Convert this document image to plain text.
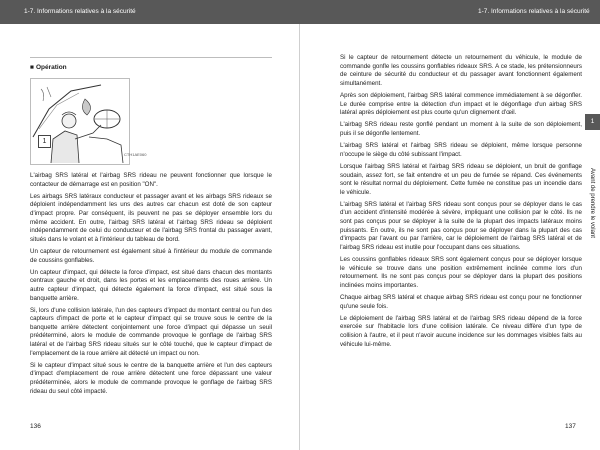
1-7. Informations relatives à la sécurité	1-7. Informations relatives à la sécurité
■ Opération
1
CTH1AE060

L'airbag SRS latéral et l'airbag SRS rideau ne peuvent fonctionner que lorsque le contacteur de démarrage est en position "ON".

Les airbags SRS latéraux conducteur et passager avant et les airbags SRS rideaux se déploient indépendamment les uns des autres car chacun est doté de son capteur d'impact propre. Par conséquent, ils peuvent ne pas se déployer ensemble lors du même accident. En outre, l'airbag SRS latéral et l'airbag SRS rideau se déploient indépendamment de celui du conducteur et de l'airbag SRS frontal du passager avant, situés dans le volant et à l'intérieur du tableau de bord.

Un capteur de retournement est également situé à l'intérieur du module de commande de coussins gonflables.

Un capteur d'impact, qui détecte la force d'impact, est situé dans chacun des montants centraux gauche et droit, dans les portes et les emplacements des roues arrière. Un autre capteur d'impact, qui détecte également la force d'impact, est situé sous la banquette arrière.

Si, lors d'une collision latérale, l'un des capteurs d'impact du montant central ou l'un des capteurs d'impact de porte et le capteur d'impact qui se trouve sous le centre de la banquette arrière détectent conjointement une force d'impact qui dépasse un seuil prédéterminé, alors le module de commande provoque le gonflage de l'airbag SRS latéral et de l'airbag SRS rideau situés sur le côté touché, que le capteur d'impact de l'emplacement de la roue arrière ait détecté un impact ou non.

Si le capteur d'impact situé sous le centre de la banquette arrière et l'un des capteurs d'impact d'emplacement de roue arrière détectent une force dépassant une valeur prédéterminée, alors le module de commande provoque le gonflage de l'airbag SRS rideau du seul côté impacté.

Si le capteur de retournement détecte un retournement du véhicule, le module de commande gonfle les coussins gonflables rideaux SRS. A ce stade, les prétensionneurs de ceinture de sécurité du conducteur et du passager avant fonctionnent également simultanément.

Après son déploiement, l'airbag SRS latéral commence immédiatement à se dégonfler. Le durée comprise entre la détection d'un impact et le dégonflage d'un airbag SRS latéral après déploiement est plus courte qu'un clignement d'œil.

L'airbag SRS rideau reste gonflé pendant un moment à la suite de son déploiement, puis il se dégonfle lentement.

L'airbag SRS latéral et l'airbag SRS rideau se déploient, même lorsque personne n'occupe le siège du côté subissant l'impact.

Lorsque l'airbag SRS latéral et l'airbag SRS rideau se déploient, un bruit de gonflage soudain, assez fort, se fait entendre et un peu de fumée se répand. Ces événements sont le résultat normal du déploiement. Cette fumée ne constitue pas un incendie dans le véhicule.

L'airbag SRS latéral et l'airbag SRS rideau sont conçus pour se déployer dans le cas d'un accident d'intensité modérée à sévère, impliquant une collision par le côté. Ils ne sont pas conçus pour se déployer à la suite de la plupart des impacts latéraux moins puissants. En outre, ils ne sont pas conçus pour se déployer dans la plupart des cas d'impacts par l'avant ou par l'arrière, car le déploiement de l'airbag SRS latéral et de l'airbag SRS rideau est inutile pour l'occupant dans ces situations.

Les coussins gonflables rideaux SRS sont également conçus pour se déployer lorsque le véhicule se trouve dans une position extrêmement inclinée comme lors d'un retournement. Ils ne sont pas conçus pour se déployer dans la plupart des positions inclinées moins importantes.

Chaque airbag SRS latéral et chaque airbag SRS rideau est conçu pour ne fonctionner qu'une seule fois.

Le déploiement de l'airbag SRS latéral et de l'airbag SRS rideau dépend de la force exercée sur l'habitacle lors d'une collision latérale. Ce niveau diffère d'un type de collision à l'autre, et il peut n'avoir aucune incidence sur les dommages visibles faits au véhicule lui-même.

1
Avant de prendre le volant
136	137
